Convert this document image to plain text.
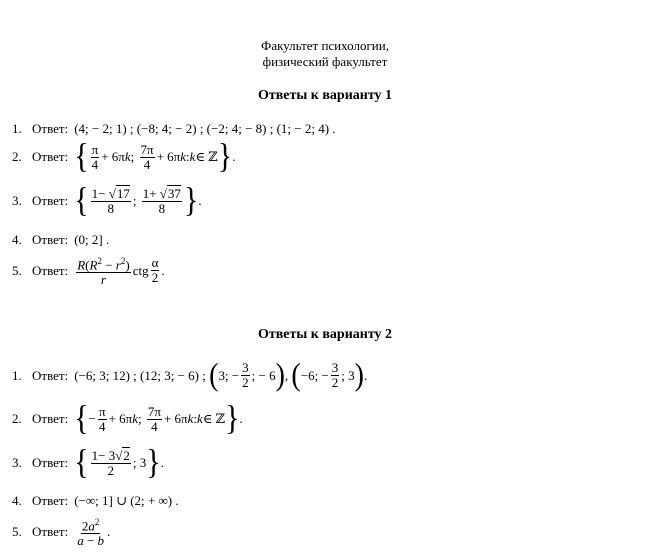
Факультет психологии,
физический факультет
Ответы к варианту 1
1. Ответ: (4; − 2; 1) ; (−8; 4; − 2) ; (−2; 4; − 8) ; (1; − 2; 4) .
2. Ответ: { $\frac{\pi}{4} + 6\pi$ k ; $\frac{7\pi}{4} + 6\pi$ k : k ∈ ℤ } .
3. Ответ: { $\frac{1- √17}{8}$ ; $\frac{1+ √37}{8}$ } .
4. Ответ: (0; 2] .
5. Ответ: $\frac{R(R^2 - r^2)}{r}$ ctg $\frac{\alpha}{2}$ .
Ответы к варианту 2
1. Ответ: (−6; 3; 12) ; (12; 3; − 6) ;
( 3; − $\frac{3}{2}$ ; − 6 ) , ( −6; − $\frac{3}{2}$ ; 3 ) .
2. Ответ: { − $\frac{\pi}{4} + 6\pi$ k ; $\frac{7\pi}{4} + 6\pi$ k : k ∈ ℤ } .
3. Ответ: { $\frac{1- 3√2}{2}$ ; 3 } .
4. Ответ: (−∞; 1] ∪ (2; + ∞) .
5. Ответ: $\frac{2a^2}{a - b}$ .
